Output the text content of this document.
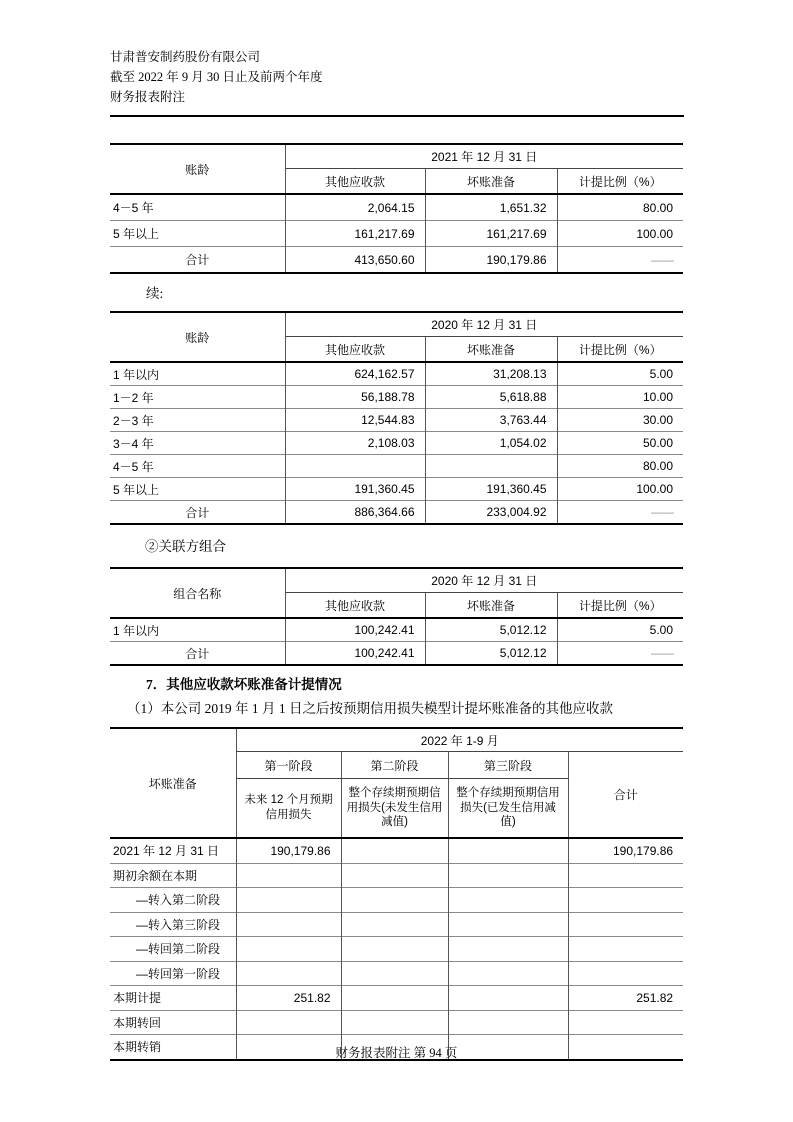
甘肃普安制药股份有限公司
截至 2022 年 9 月 30 日止及前两个年度
财务报表附注
账龄	2021 年 12 月 31 日		
	其他应收款	坏账准备	计提比例（%）
4－5 年	2,064.15	1,651.32	80.00
5 年以上	161,217.69	161,217.69	100.00
合计	413,650.60	190,179.86	——
续:
账龄	2020 年 12 月 31 日		
	其他应收款	坏账准备	计提比例（%）
1 年以内	624,162.57	31,208.13	5.00
1－2 年	56,188.78	5,618.88	10.00
2－3 年	12,544.83	3,763.44	30.00
3－4 年	2,108.03	1,054.02	50.00
4－5 年			80.00
5 年以上	191,360.45	191,360.45	100.00
合计	886,364.66	233,004.92	——
②关联方组合
组合名称	2020 年 12 月 31 日		
	其他应收款	坏账准备	计提比例（%）
1 年以内	100,242.41	5,012.12	5.00
合计	100,242.41	5,012.12	——
7．其他应收款坏账准备计提情况
（1）本公司 2019 年 1 月 1 日之后按预期信用损失模型计提坏账准备的其他应收款
坏账准备	2022 年 1-9 月			
	第一阶段	第二阶段	第三阶段	合计
	未来 12 个月预期信用损失	整个存续期预期信用损失(未发生信用减值)	整个存续期预期信用损失(已发生信用减值)	
2021 年 12 月 31 日	190,179.86			190,179.86
期初余额在本期				
—转入第二阶段				
—转入第三阶段				
—转回第二阶段				
—转回第一阶段				
本期计提	251.82			251.82
本期转回				
本期转销					财务报表附注 第 94 页
